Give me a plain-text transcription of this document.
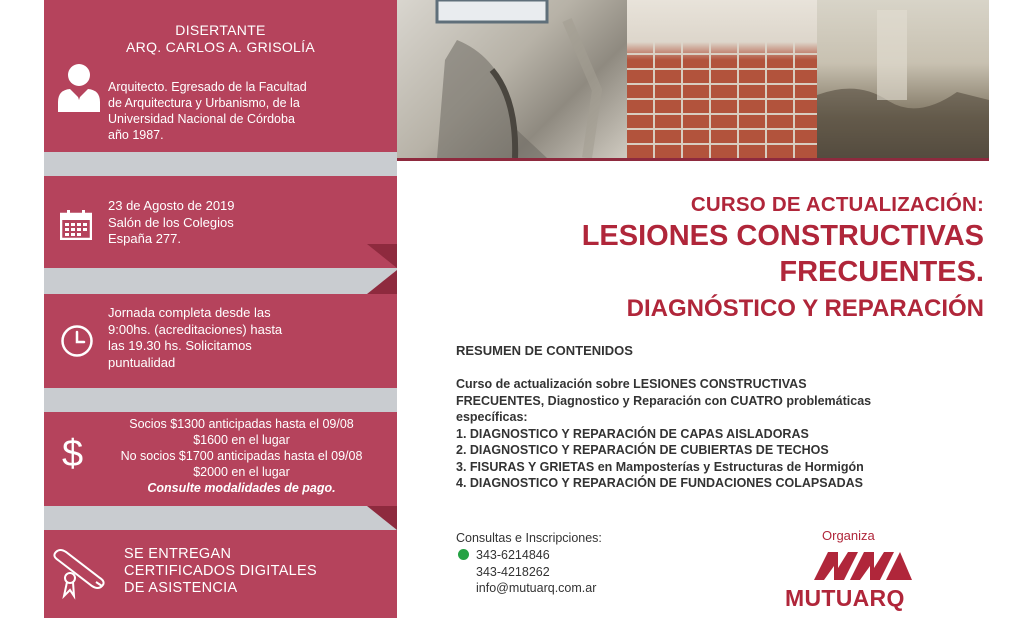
DISERTANTE
ARQ. CARLOS A. GRISOLÍA
Arquitecto. Egresado de la Facultad
de Arquitectura y Urbanismo, de la
Universidad Nacional de Córdoba
año 1987.
23 de Agosto de 2019
Salón de los Colegios
España 277.
Jornada completa desde las
9:00hs. (acreditaciones) hasta
las 19.30 hs. Solicitamos
puntualidad
$
Socios $1300 anticipadas hasta el 09/08
$1600 en el lugar
No socios $1700 anticipadas hasta el 09/08
$2000 en el lugar
Consulte modalidades de pago.
SE ENTREGAN
CERTIFICADOS DIGITALES
DE ASISTENCIA
CURSO DE ACTUALIZACIÓN:
LESIONES CONSTRUCTIVAS
FRECUENTES.
DIAGNÓSTICO Y REPARACIÓN
RESUMEN DE CONTENIDOS

Curso de actualización sobre LESIONES CONSTRUCTIVAS

FRECUENTES, Diagnostico y Reparación con CUATRO problemáticas

específicas:

1. DIAGNOSTICO Y REPARACIÓN DE CAPAS AISLADORAS
2. DIAGNOSTICO Y REPARACIÓN DE CUBIERTAS DE TECHOS
3. FISURAS Y GRIETAS en Mamposterías y Estructuras de Hormigón
4. DIAGNOSTICO Y REPARACIÓN DE FUNDACIONES COLAPSADAS
Consultas e Inscripciones:
343-6214846
343-4218262
info@mutuarq.com.ar
Organiza
MUTUARQ
